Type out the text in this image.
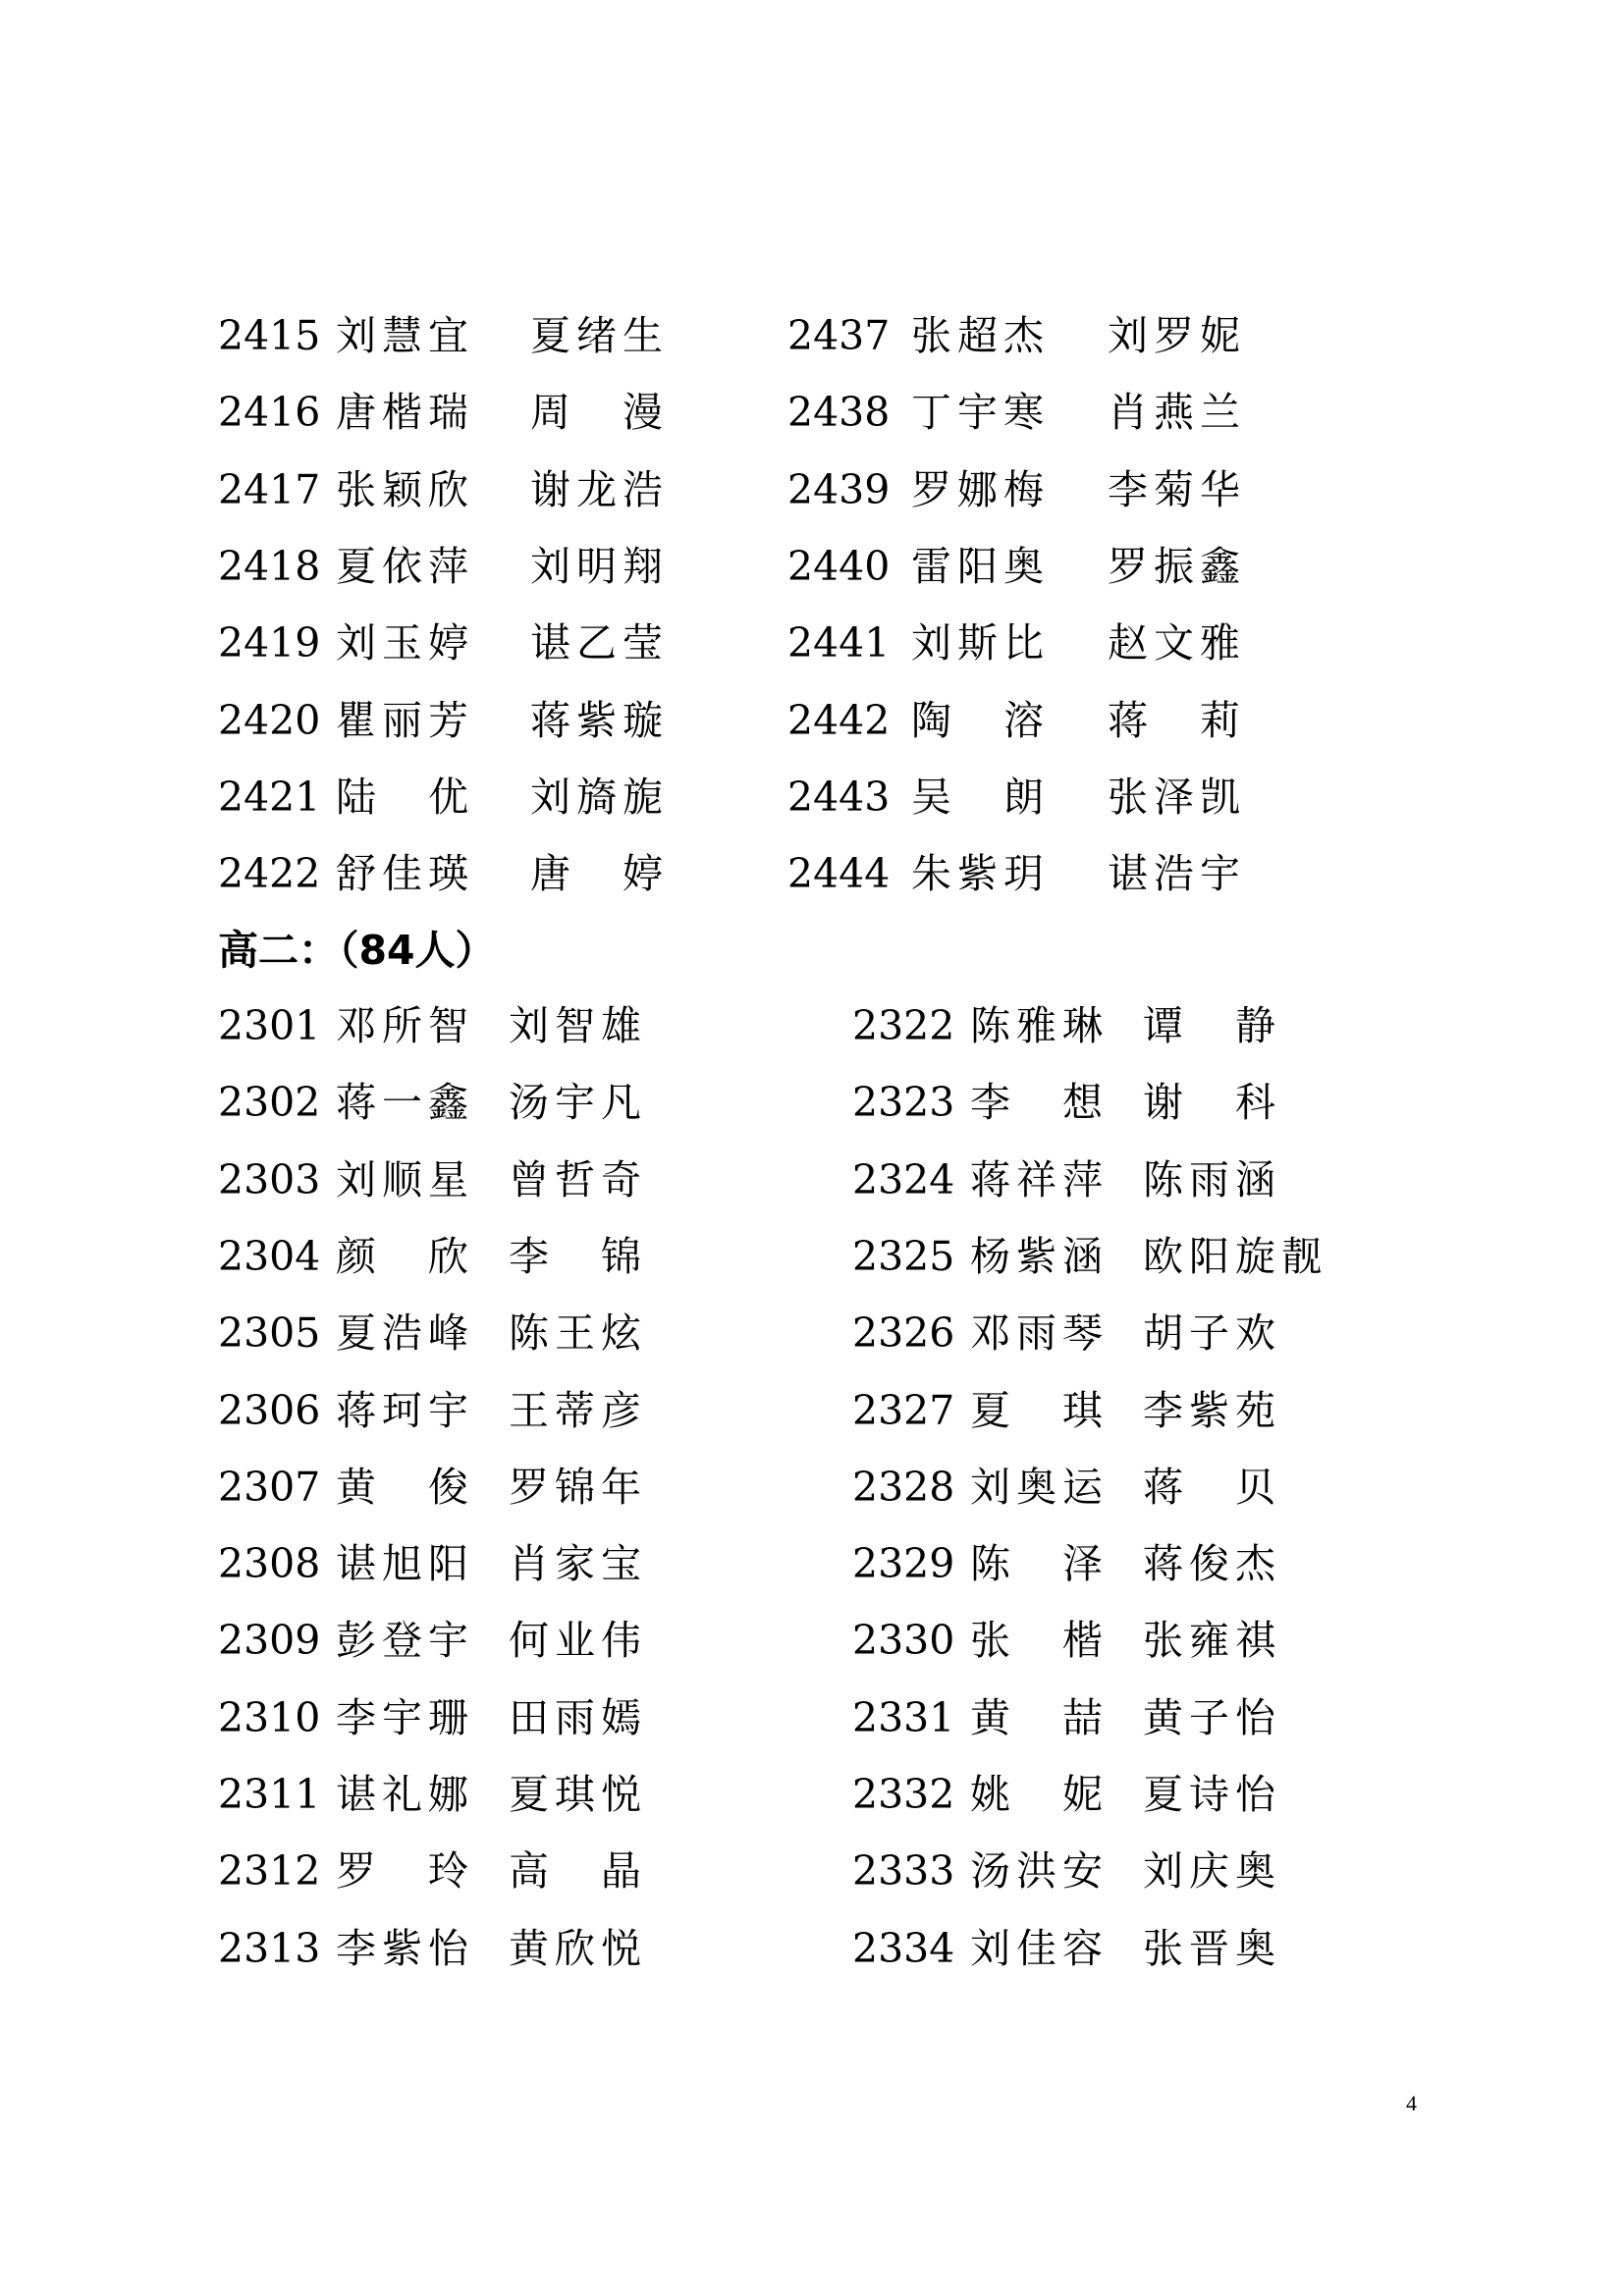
2415 刘慧宜 夏绪生	2437 张超杰 刘罗妮
2416 唐楷瑞 周　漫	2438 丁宇寒 肖燕兰
2417 张颖欣 谢龙浩	2439 罗娜梅 李菊华
2418 夏依萍 刘明翔	2440 雷阳奥 罗振鑫
2419 刘玉婷 谌乙莹	2441 刘斯比 赵文雅
2420 瞿丽芳 蒋紫璇	2442 陶　溶 蒋　莉
2421 陆　优 刘旖旎	2443 吴　朗 张泽凯
2422 舒佳瑛 唐　婷	2444 朱紫玥 谌浩宇
高二：（84人）
2301 邓所智 刘智雄	2322 陈雅琳 谭　静
2302 蒋一鑫 汤宇凡	2323 李　想 谢　科
2303 刘顺星 曾哲奇	2324 蒋祥萍 陈雨涵
2304 颜　欣 李　锦	2325 杨紫涵 欧阳旋靓
2305 夏浩峰 陈王炫	2326 邓雨琴 胡子欢
2306 蒋珂宇 王蒂彦	2327 夏　琪 李紫苑
2307 黄　俊 罗锦年	2328 刘奥运 蒋　贝
2308 谌旭阳 肖家宝	2329 陈　泽 蒋俊杰
2309 彭登宇 何业伟	2330 张　楷 张雍祺
2310 李宇珊 田雨嫣	2331 黄　喆 黄子怡
2311 谌礼娜 夏琪悦	2332 姚　妮 夏诗怡
2312 罗　玲 高　晶	2333 汤洪安 刘庆奥
2313 李紫怡 黄欣悦	2334 刘佳容 张晋奥
4
